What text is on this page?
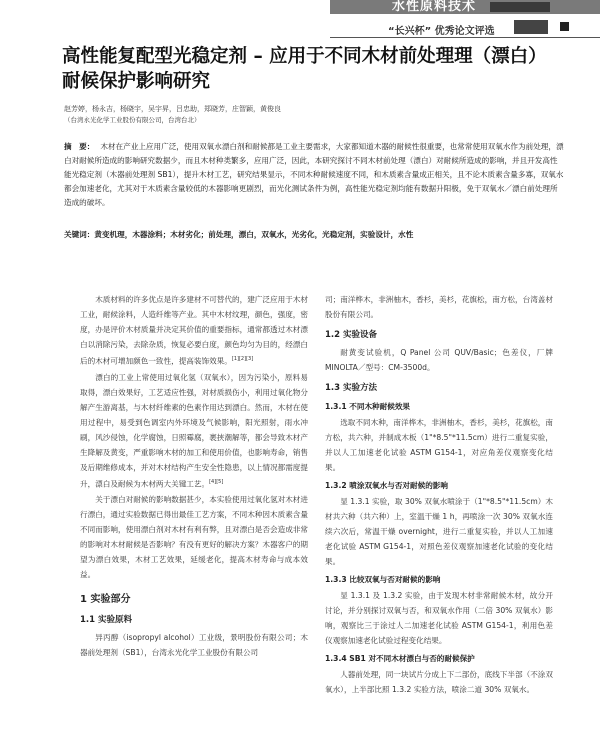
水性原料技术
“长兴杯” 优秀论文评选
高性能复配型光稳定剂 – 应用于不同木材前处理理（漂白）耐候保护影响研究
赵芳婷，杨永吉，杨晓宇，吴宇昇，吕忠助，郑晓芳，庄智颖，黄俊良
（台湾永光化学工业股份有限公司，台湾台北）
摘　要： 木材在产业上应用广泛，使用双氧水漂白剂和耐候都是工业主要需求，大家都知道木器的耐候性很重要，也常常使用双氧水作为前处理，漂白对耐候所造成的影响研究数据少，而且木材种类繁多，应用广泛，因此，本研究探讨不同木材前处理（漂白）对耐候所造成的影响，并且开发高性能光稳定剂（木器前处理剂 SB1），提升木材工艺，研究结果显示，不同木种耐候速度不同，和木质素含量成正相关，且不论木质素含量多寡，双氧水都会加速老化，尤其对于木质素含量较低的木器影响更剧烈，而光化测试条件为例，高性能光稳定剂均能有数据升阳极，免于双氧水／漂白前处理所造成的破坏。
关键词：黄变机理，木器涂料；木材劣化；前处理，漂白，双氧水，光劣化，光稳定剂，实验设计，水性

木质材料的许多优点是许多建材不可替代的，建广泛应用于木材工业，耐候涂料，人造纤维等产业。其中木材纹理，颜色，强度，密度，办是评价木材质量并决定其价值的重要指标，通常都透过木材漂白以消除污染，去除杂质，恢复必要白度，颜色均匀为目的，经漂白后的木材可增加颜色一致性，提高装饰效果。[1][2][3]

漂白的工业上常使用过氧化氢（双氧水），因为污染小，原料易取得，漂白效果好，工艺适应性强，对材质损伤小，利用过氧化物分解产生游离基，与木材纤维素的色素作用达到漂白。然而，木材在使用过程中，易受到色调室内外环境及气候影响，阳光照射，雨水冲刷，风沙侵蚀，化学腐蚀，日照霉腐，裹挟潮解等，都会导致木材产生降解及黄变，严重影响木材的加工和使用价值，也影响寿命，销售及后期维修成本，并对木材结构产生安全性隐患，以上情况都需度提升，漂白及耐候为木材两大关键工艺。[4][5]

关于漂白对耐候的影响数据甚少，本实验使用过氧化氢对木材进行漂白，通过实验数据已得出最佳工艺方案，不同木种因木质素含量不同而影响，使用漂白剂对木材有利有弊，且对漂白是否会造成非常的影响对木材耐候是否影响？有没有更好的解决方案？木器客户的期望为漂白效果，木材工艺效果，延缓老化，提高木材寿命与成本效益。

1 实验部分
1.1 实验原料

异丙醇（isopropyl alcohol）工业级，景明股份有限公司；木器前处理剂（SB1），台湾永光化学工业股份有限公司

司；南洋桦木，非洲柚木，香杉，美杉，花旗松，南方松，台湾盖材股份有限公司。

1.2 实验设备

耐黄变试验机，Q Panel 公司 QUV/Basic；色差仪，厂牌 MINOLTA／型号：CM-3500d。

1.3 实验方法
1.3.1 不同木种耐候效果

选取不同木种，南洋桦木，非洲柚木，香杉，美杉，花旗松，南方松，共六种，并制成木板（1"*8.5"*11.5cm）进行二重复实验，并以人工加速老化试验 ASTM G154-1，对应角差仪观察变化结果。

1.3.2 喷涂双氧水与否对耐候的影响

显 1.3.1 实验，取 30% 双氧水喷涂于（1"*8.5"*11.5cm）木材共六种（共六种）上，室温干燥 1 h，再喷涂一次 30% 双氧水连续六次后，常温干燥 overnight，进行二重复实验，并以人工加速老化试验 ASTM G154-1，对照色差仪观察加速老化试验的变化结果。

1.3.3 比较双氧与否对耐候的影响

显 1.3.1 及 1.3.2 实验，由于发现木材非常耐候木材，故分开讨论，并分别探讨双氧与否，和双氧水作用（二倍 30% 双氧水）影响，观察比三于涂过人二加速老化试验 ASTM G154-1，利用色差仪观察加速老化试验过程变化结果。

1.3.4 SB1 对不同木材漂白与否的耐候保护

人器前处理，同一块试片分成上下二部份，底线下半部（不涂双氧水），上半部比照 1.3.2 实验方法，喷涂二道 30% 双氧水。
